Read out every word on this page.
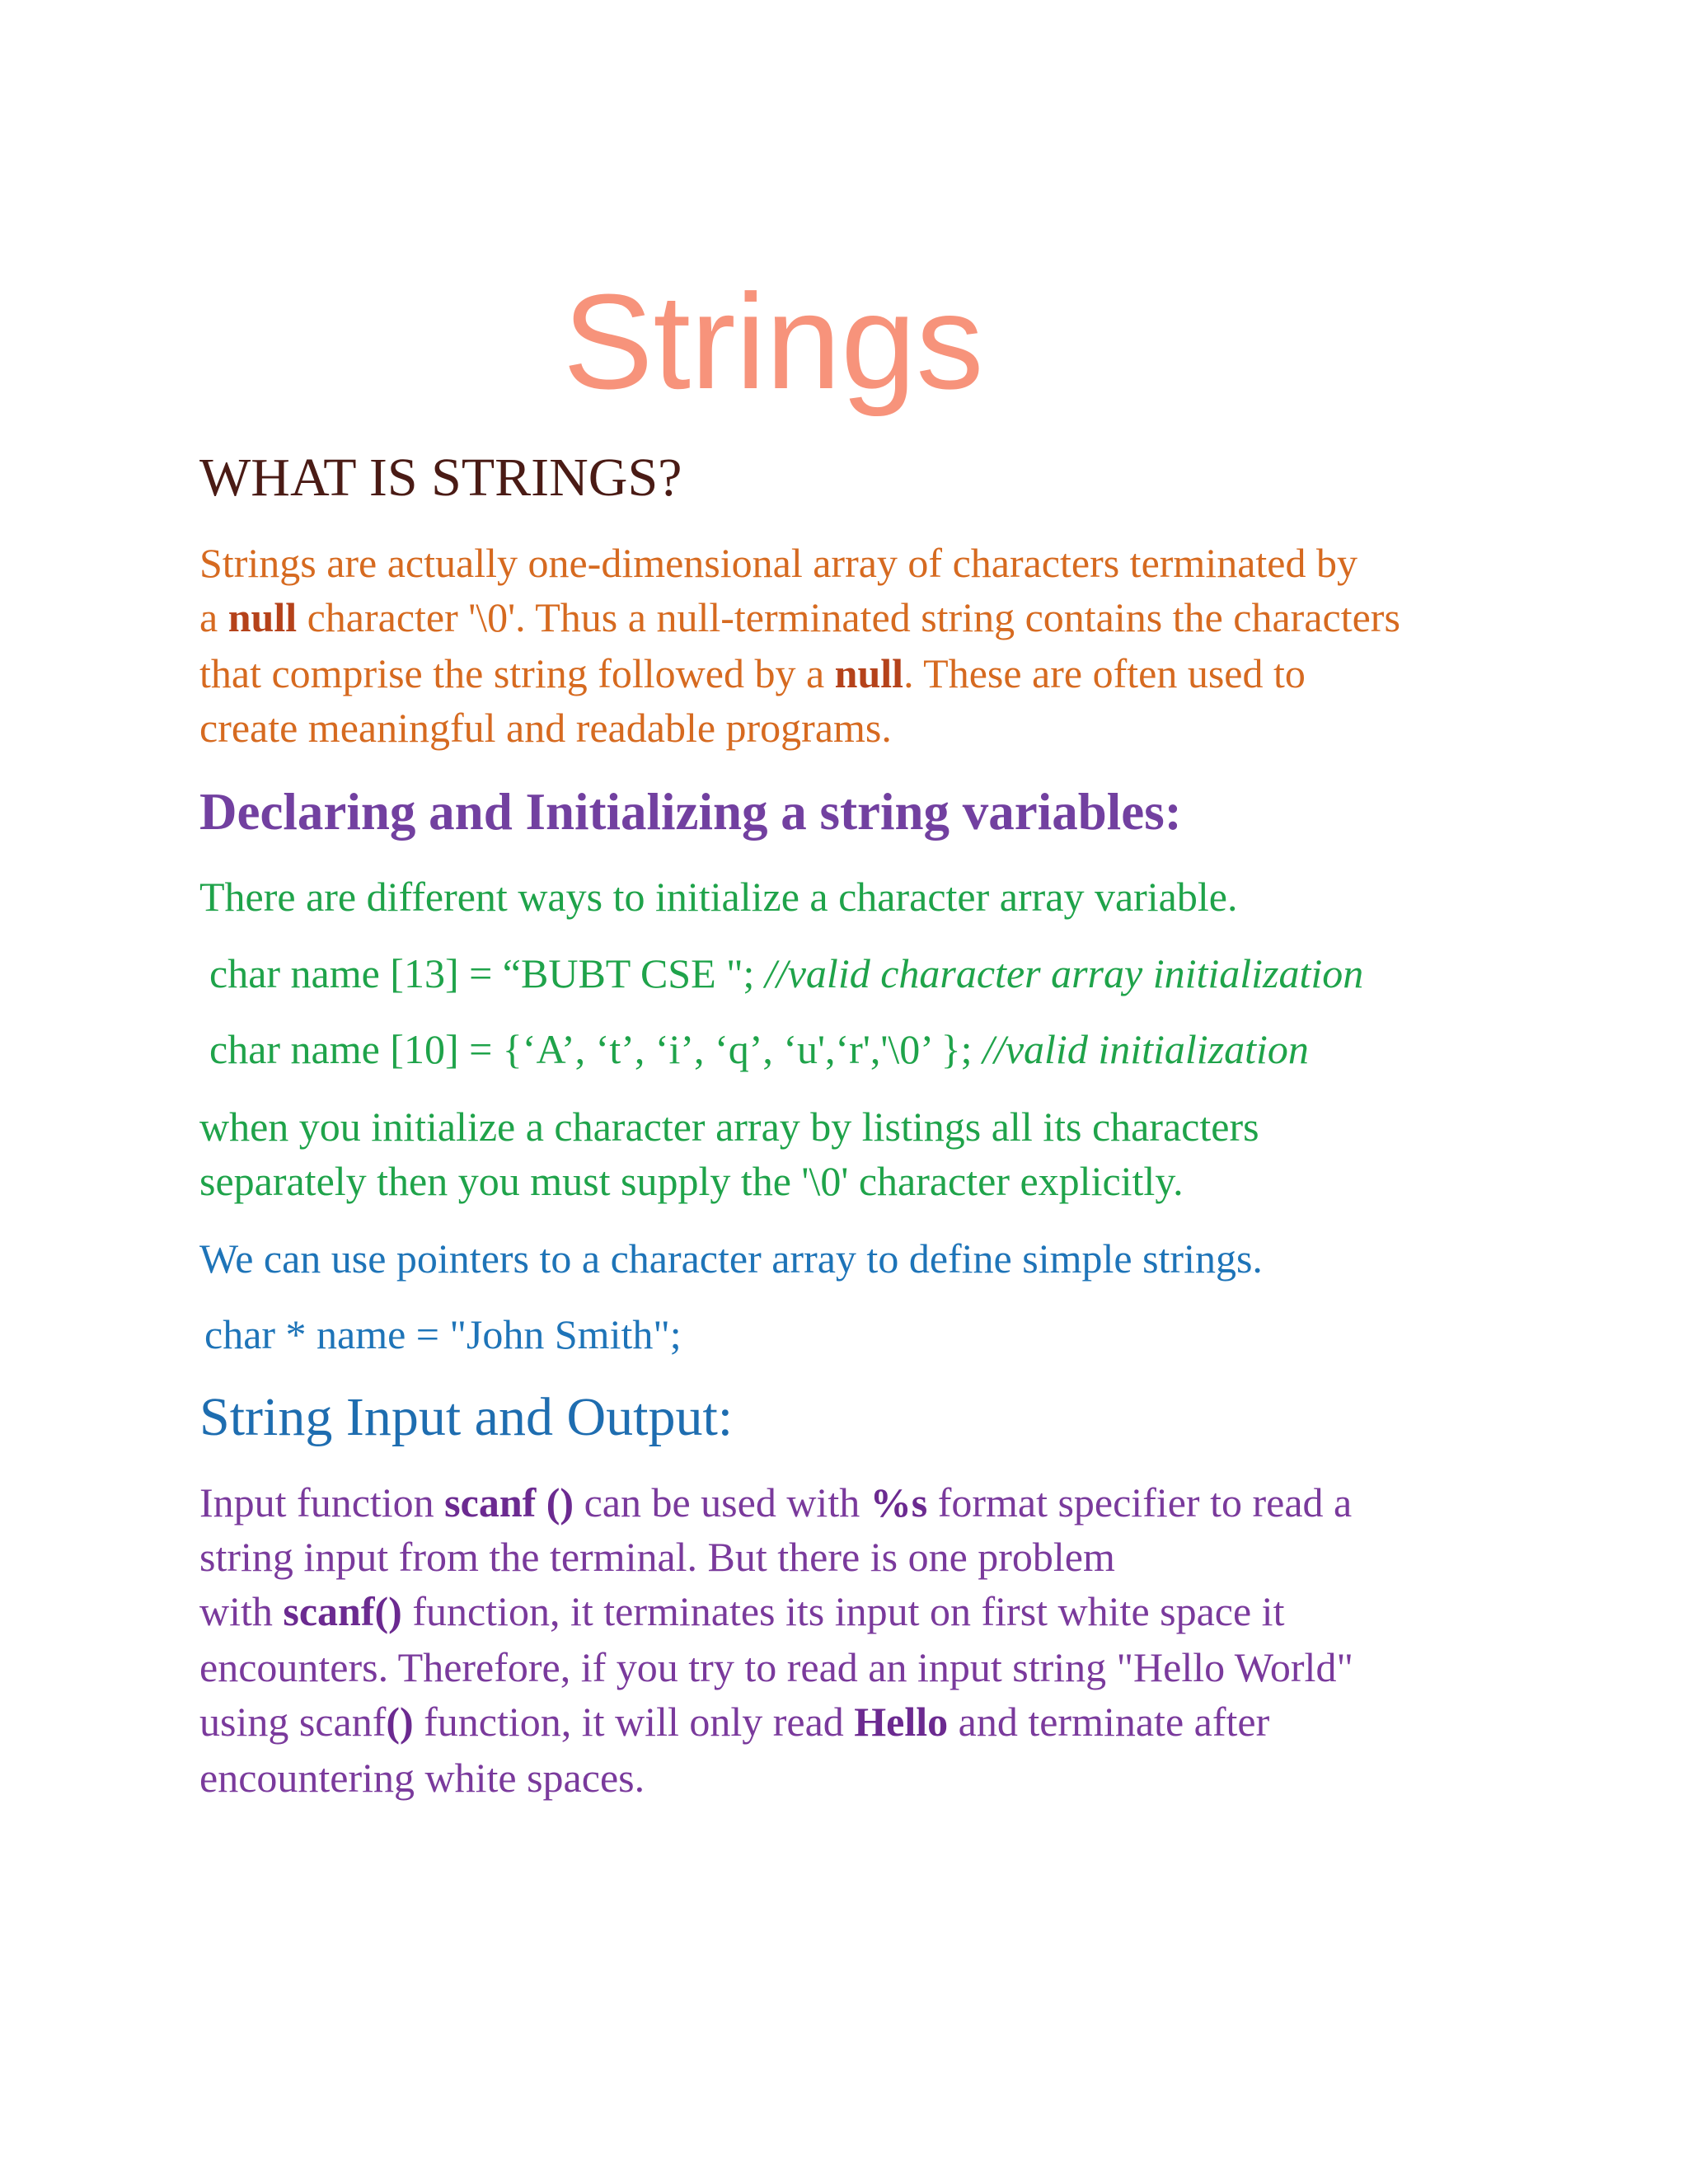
Strings
WHAT IS STRINGS?
Strings are actually one-dimensional array of characters terminated by
a null character '\0'. Thus a null-terminated string contains the characters
that comprise the string followed by a null. These are often used to
create meaningful and readable programs.
Declaring and Initializing a string variables:
There are different ways to initialize a character array variable.
char name [13] = “BUBT CSE "; //valid character array initialization
char name [10] = {‘A’, ‘t’, ‘i’, ‘q’, ‘u',‘r','\0’ }; //valid initialization
when you initialize a character array by listings all its characters
separately then you must supply the '\0' character explicitly.
We can use pointers to a character array to define simple strings.
char * name = "John Smith";
String Input and Output:
Input function scanf () can be used with %s format specifier to read a
string input from the terminal. But there is one problem
with scanf() function, it terminates its input on first white space it
encounters. Therefore, if you try to read an input string "Hello World"
using scanf() function, it will only read Hello and terminate after
encountering white spaces.
